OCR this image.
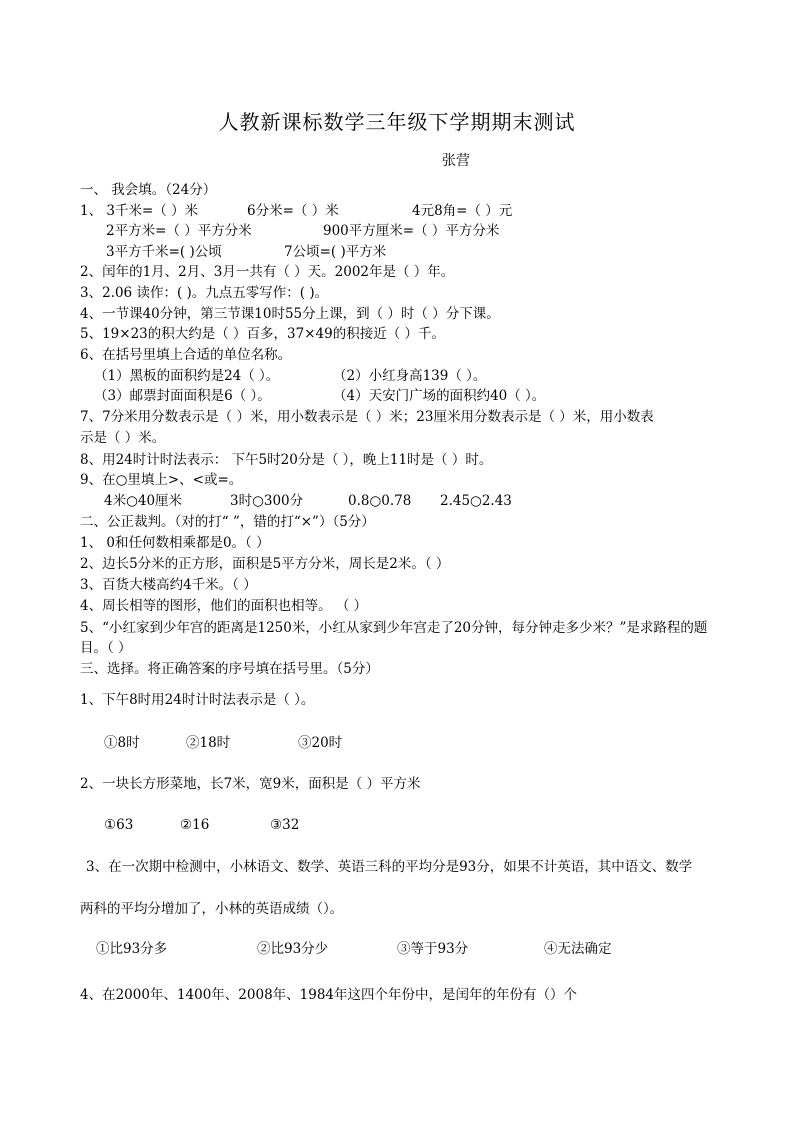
人教新课标数学三年级下学期期末测试
张营
一、 我会填。（24分）
1、 3千米=（ ）米	6分米=（ ）米	4元8角=（ ）元
2平方米=（ ）平方分米	900平方厘米=（ ）平方分米
3平方千米=( )公顷	7公顷=( )平方米
2、闰年的1月、2月、3月一共有（ ）天。2002年是（ ）年。
3、2.06 读作：( )。九点五零写作：( )。
4、一节课40分钟，第三节课10时55分上课，到（ ）时（ ）分下课。
5、19×23的积大约是（ ）百多，37×49的积接近（ ）千。
6、在括号里填上合适的单位名称。
（1）黑板的面积约是24（ ）。	（2）小红身高139（ ）。
（3）邮票封面面积是6（ ）。	（4）天安门广场的面积约40（ ）。
7、7分米用分数表示是（ ）米，用小数表示是（ ）米；23厘米用分数表示是（ ）米，用小数表
示是（ ）米。
8、用24时计时法表示： 下午5时20分是（ ），晚上11时是（ ）时。
9、在○里填上>、<或=。
4米○40厘米	3时○300分	0.8○0.78 2.45○2.43
二、公正裁判。（对的打“ ”，错的打“×”）（5分）
1、 0和任何数相乘都是0。（ ）
2、边长5分米的正方形，面积是5平方分米，周长是2米。（ ）
3、百货大楼高约4千米。（ ）
4、周长相等的图形，他们的面积也相等。 （ ）
5、“小红家到少年宫的距离是1250米，小红从家到少年宫走了20分钟，每分钟走多少米？”是求路程的题
目。（ ）
三、选择。将正确答案的序号填在括号里。（5分）
1、下午8时用24时计时法表示是（ ）。
①8时	②18时	③20时
2、一块长方形菜地，长7米，宽9米，面积是（ ）平方米
①63	②16	③32
3、在一次期中检测中，小林语文、数学、英语三科的平均分是93分，如果不计英语，其中语文、数学
两科的平均分增加了，小林的英语成绩（）。
①比93分多	②比93分少	③等于93分	④无法确定
4、在2000年、1400年、2008年、1984年这四个年份中，是闰年的年份有（）个
